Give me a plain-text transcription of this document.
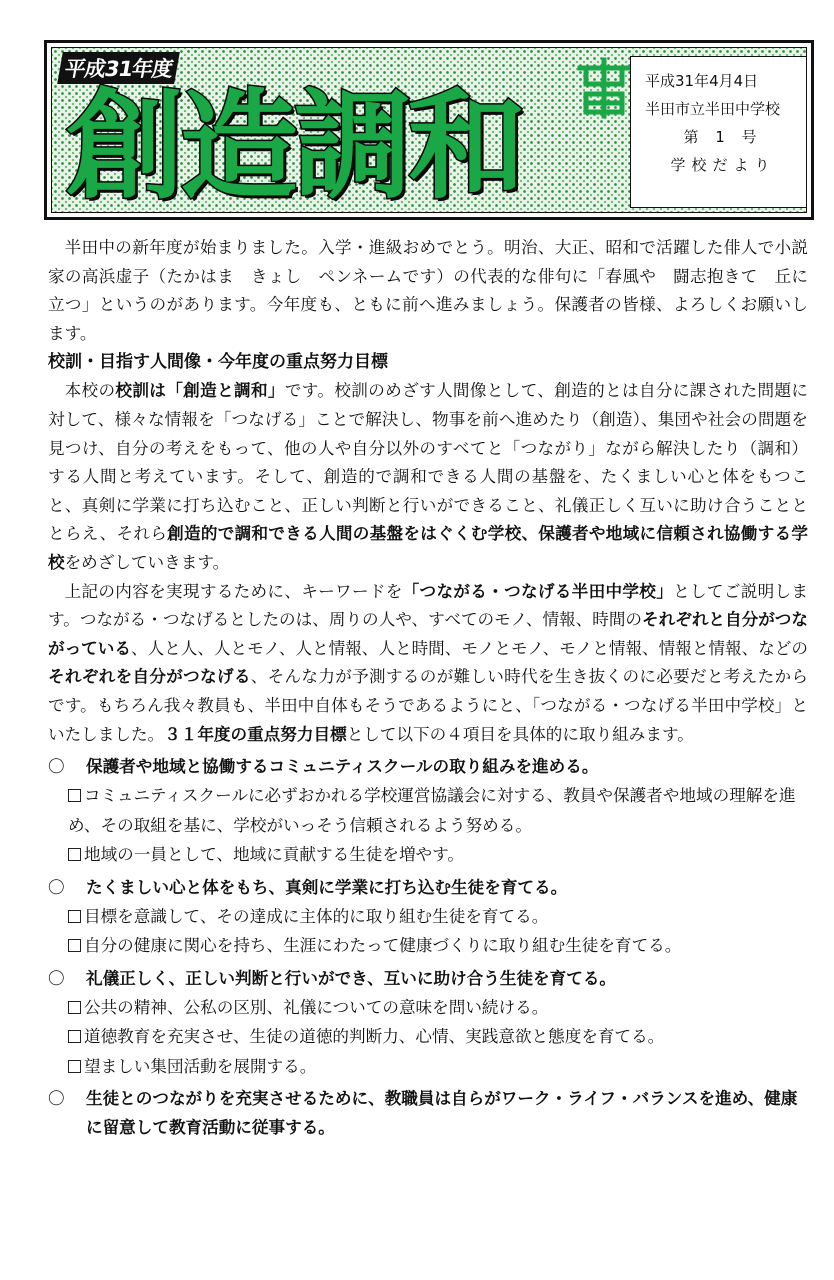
平成31年度
創造調和	平成31年4月4日
半田市立半田中学校
第 1 号
学校だより

半田中の新年度が始まりました。入学・進級おめでとう。明治、大正、昭和で活躍した俳人で小説家の高浜虚子（たかはま　きょし　ペンネームです）の代表的な俳句に「春風や　闘志抱きて　丘に立つ」というのがあります。今年度も、ともに前へ進みましょう。保護者の皆様、よろしくお願いします。

校訓・目指す人間像・今年度の重点努力目標

本校の校訓は「創造と調和」です。校訓のめざす人間像として、創造的とは自分に課された問題に対して、様々な情報を「つなげる」ことで解決し、物事を前へ進めたり（創造）、集団や社会の問題を見つけ、自分の考えをもって、他の人や自分以外のすべてと「つながり」ながら解決したり（調和）する人間と考えています。そして、創造的で調和できる人間の基盤を、たくましい心と体をもつこと、真剣に学業に打ち込むこと、正しい判断と行いができること、礼儀正しく互いに助け合うことととらえ、それら創造的で調和できる人間の基盤をはぐくむ学校、保護者や地域に信頼され協働する学校をめざしていきます。

上記の内容を実現するために、キーワードを「つながる・つなげる半田中学校」としてご説明します。つながる・つなげるとしたのは、周りの人や、すべてのモノ、情報、時間のそれぞれと自分がつながっている、人と人、人とモノ、人と情報、人と時間、モノとモノ、モノと情報、情報と情報、などのそれぞれを自分がつなげる、そんな力が予測するのが難しい時代を生き抜くのに必要だと考えたからです。もちろん我々教員も、半田中自体もそうであるようにと、「つながる・つなげる半田中学校」といたしました。３１年度の重点努力目標として以下の４項目を具体的に取り組みます。

〇 保護者や地域と協働するコミュニティスクールの取り組みを進める。
コミュニティスクールに必ずおかれる学校運営協議会に対する、教員や保護者や地域の理解を進め、その取組を基に、学校がいっそう信頼されるよう努める。
地域の一員として、地域に貢献する生徒を増やす。
〇 たくましい心と体をもち、真剣に学業に打ち込む生徒を育てる。
目標を意識して、その達成に主体的に取り組む生徒を育てる。
自分の健康に関心を持ち、生涯にわたって健康づくりに取り組む生徒を育てる。
〇 礼儀正しく、正しい判断と行いができ、互いに助け合う生徒を育てる。
公共の精神、公私の区別、礼儀についての意味を問い続ける。
道徳教育を充実させ、生徒の道徳的判断力、心情、実践意欲と態度を育てる。
望ましい集団活動を展開する。
〇 生徒とのつながりを充実させるために、教職員は自らがワーク・ライフ・バランスを進め、健康に留意して教育活動に従事する。
